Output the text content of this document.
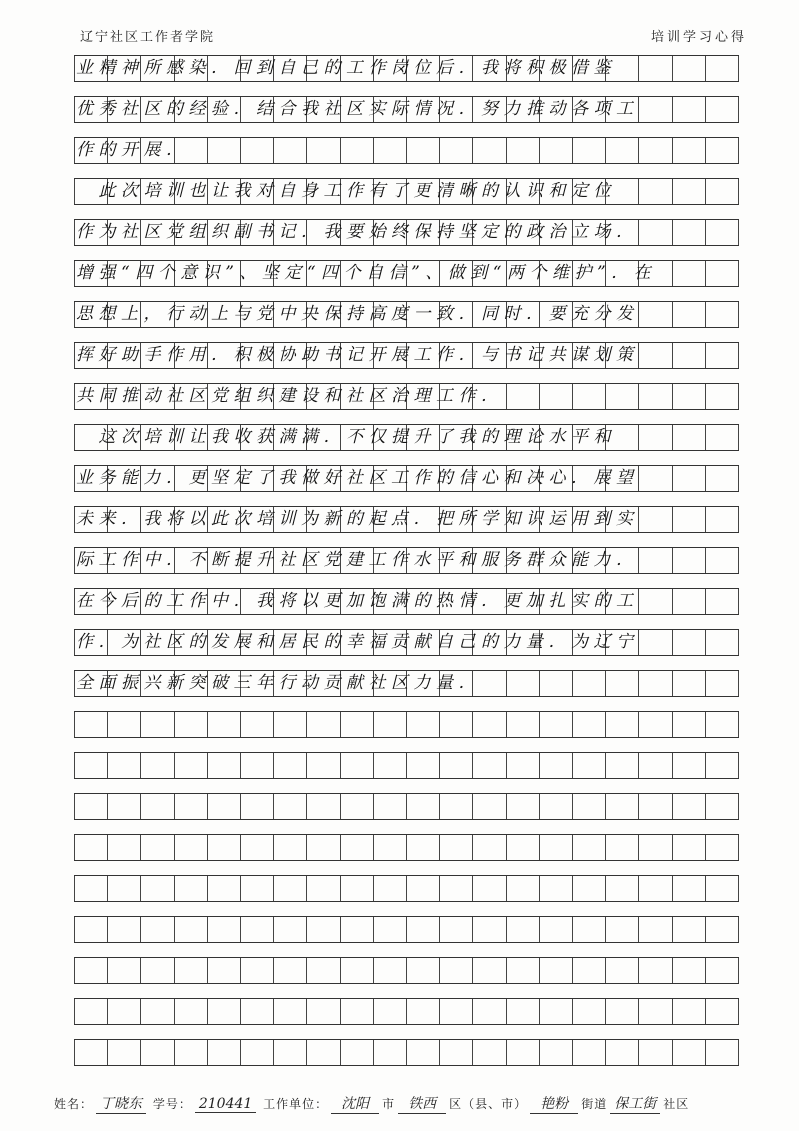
辽宁社区工作者学院	培训学习心得
业精神所感染．回到自己的工作岗位后．我将积极借鉴
优秀社区的经验．结合我社区实际情况．努力推动各项工
作的开展．
　此次培训也让我对自身工作有了更清晰的认识和定位
作为社区党组织副书记．我要始终保持坚定的政治立场．
增强“四个意识”、坚定“四个自信”、做到“两个维护”．在
思想上，行动上与党中央保持高度一致．同时．要充分发
挥好助手作用．积极协助书记开展工作．与书记共谋划策
共同推动社区党组织建设和社区治理工作．
　这次培训让我收获满满．不仅提升了我的理论水平和
业务能力．更坚定了我做好社区工作的信心和决心．展望
未来．我将以此次培训为新的起点．把所学知识运用到实
际工作中．不断提升社区党建工作水平和服务群众能力．
在今后的工作中．我将以更加饱满的热情．更加扎实的工
作．为社区的发展和居民的幸福贡献自己的力量．为辽宁
全面振兴新突破三年行动贡献社区力量．
姓名： 丁晓东 学号： 210441 工作单位： 沈阳 市 铁西 区（县、市） 艳粉 街道 保工街 社区
